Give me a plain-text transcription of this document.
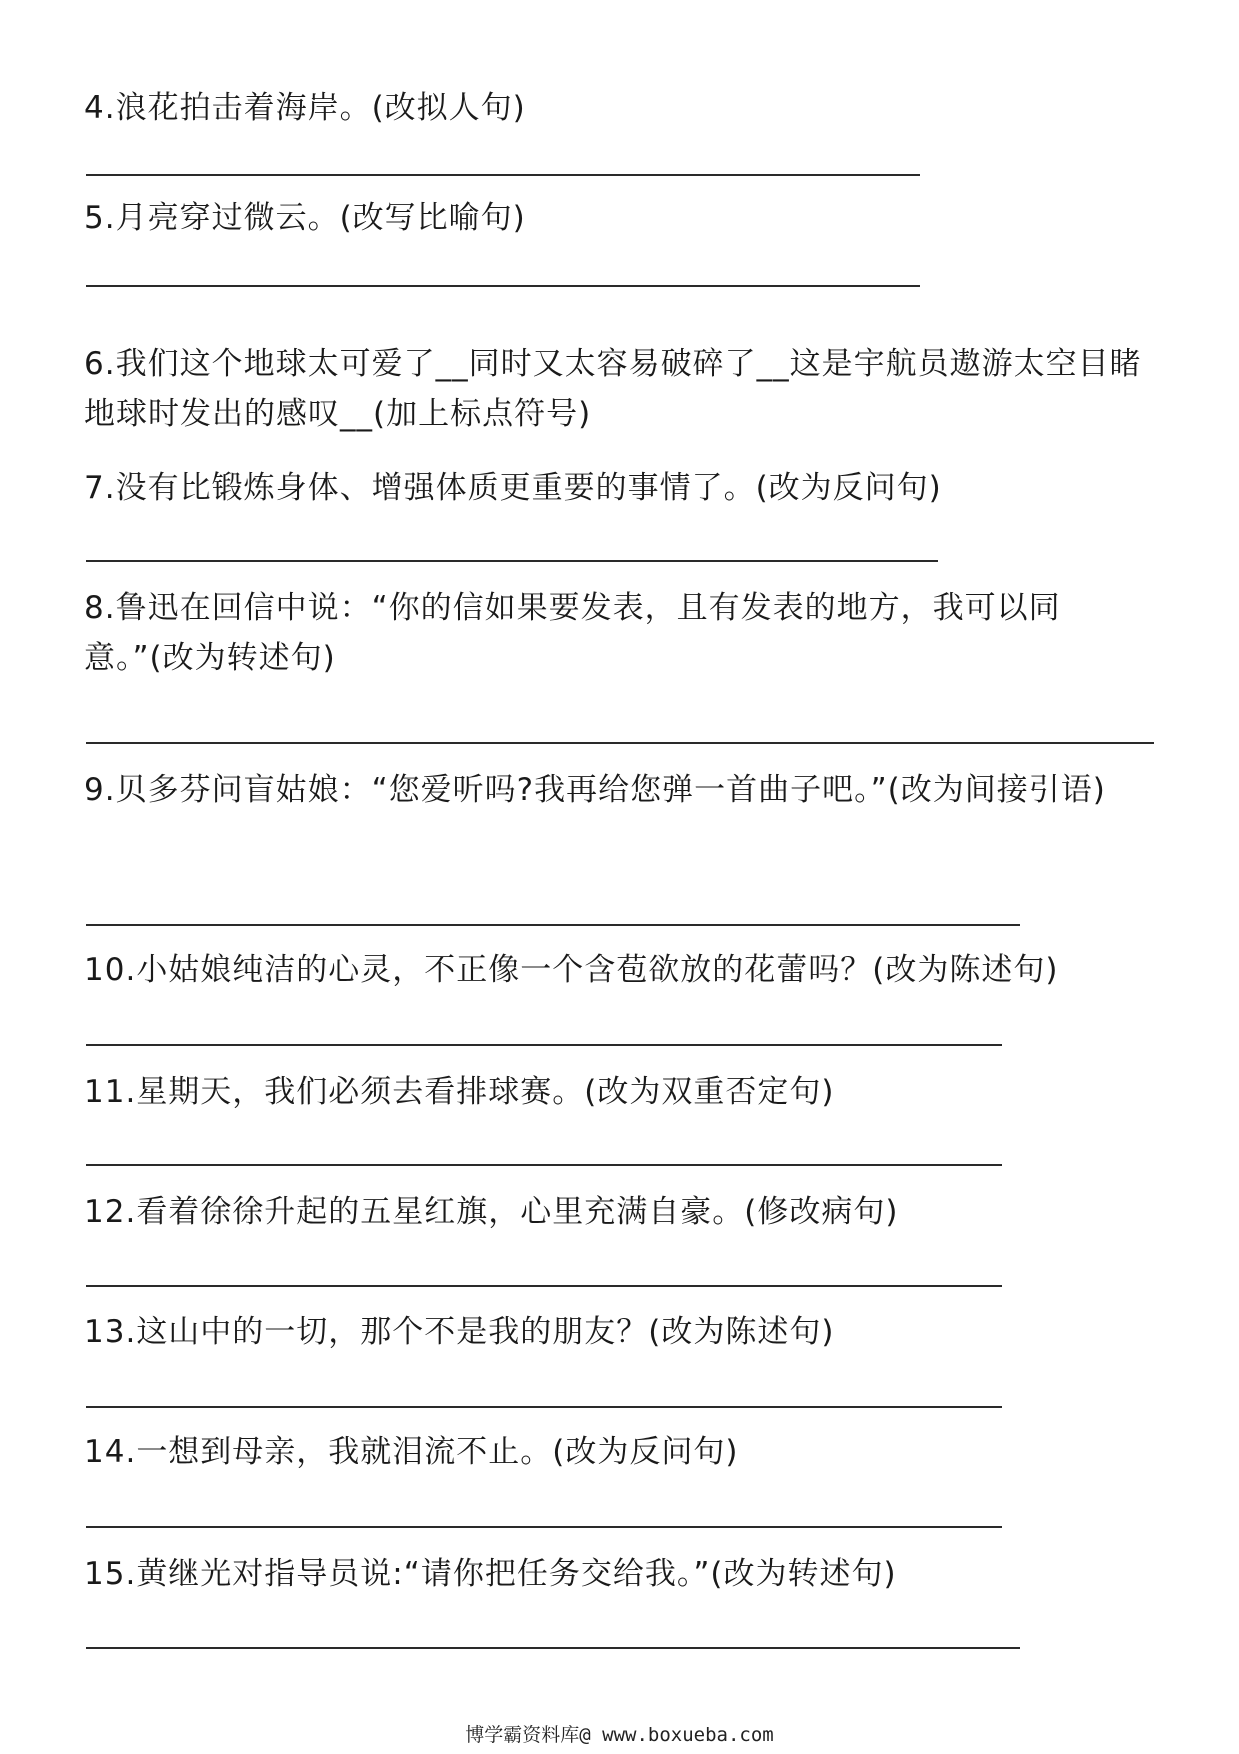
4.浪花拍击着海岸。(改拟人句)

5.月亮穿过微云。(改写比喻句)

6.我们这个地球太可爱了__同时又太容易破碎了__这是宇航员遨游太空目睹地球时发出的感叹__(加上标点符号)

7.没有比锻炼身体、增强体质更重要的事情了。(改为反问句)

8.鲁迅在回信中说：“你的信如果要发表，且有发表的地方，我可以同意。”(改为转述句)

9.贝多芬问盲姑娘：“您爱听吗?我再给您弹一首曲子吧。”(改为间接引语)

10.小姑娘纯洁的心灵，不正像一个含苞欲放的花蕾吗？(改为陈述句)

11.星期天，我们必须去看排球赛。(改为双重否定句)

12.看着徐徐升起的五星红旗，心里充满自豪。(修改病句)

13.这山中的一切，那个不是我的朋友？(改为陈述句)

14.一想到母亲，我就泪流不止。(改为反问句)

15.黄继光对指导员说:“请你把任务交给我。”(改为转述句)

博学霸资料库@ www.boxueba.com
